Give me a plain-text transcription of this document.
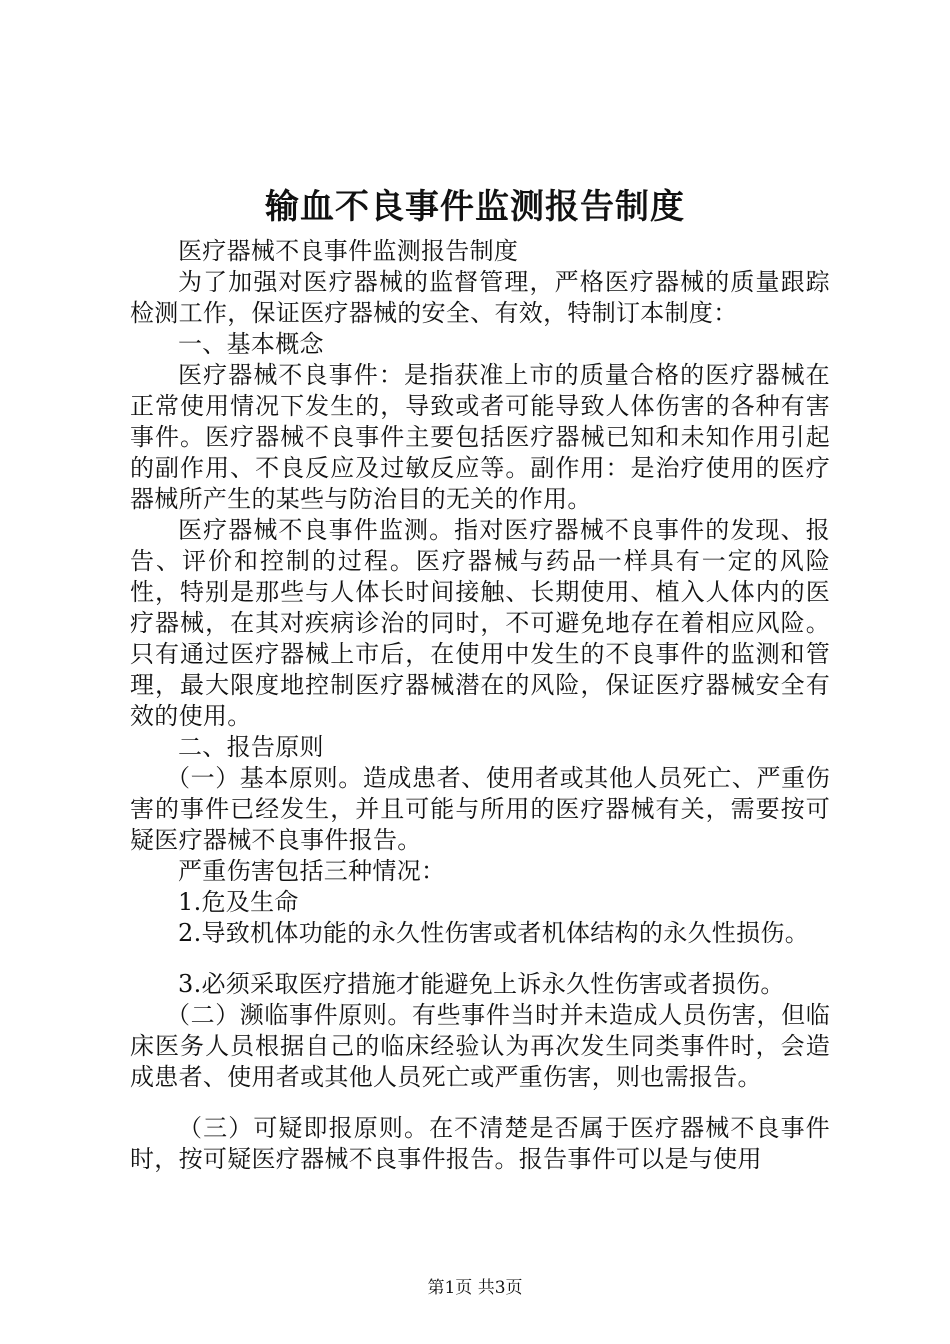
输血不良事件监测报告制度

医疗器械不良事件监测报告制度

为了加强对医疗器械的监督管理，严格医疗器械的质量跟踪检测工作，保证医疗器械的安全、有效，特制订本制度：

一、基本概念

医疗器械不良事件：是指获准上市的质量合格的医疗器械在正常使用情况下发生的，导致或者可能导致人体伤害的各种有害事件。医疗器械不良事件主要包括医疗器械已知和未知作用引起的副作用、不良反应及过敏反应等。副作用：是治疗使用的医疗器械所产生的某些与防治目的无关的作用。

医疗器械不良事件监测。指对医疗器械不良事件的发现、报告、评价和控制的过程。医疗器械与药品一样具有一定的风险性，特别是那些与人体长时间接触、长期使用、植入人体内的医疗器械，在其对疾病诊治的同时，不可避免地存在着相应风险。只有通过医疗器械上市后，在使用中发生的不良事件的监测和管理，最大限度地控制医疗器械潜在的风险，保证医疗器械安全有效的使用。

二、报告原则

（一）基本原则。造成患者、使用者或其他人员死亡、严重伤害的事件已经发生，并且可能与所用的医疗器械有关，需要按可疑医疗器械不良事件报告。

严重伤害包括三种情况：

1.危及生命

2.导致机体功能的永久性伤害或者机体结构的永久性损伤。

3.必须采取医疗措施才能避免上诉永久性伤害或者损伤。

（二）濒临事件原则。有些事件当时并未造成人员伤害，但临床医务人员根据自己的临床经验认为再次发生同类事件时，会造成患者、使用者或其他人员死亡或严重伤害，则也需报告。

（三）可疑即报原则。在不清楚是否属于医疗器械不良事件时，按可疑医疗器械不良事件报告。报告事件可以是与使用

第1页 共3页
